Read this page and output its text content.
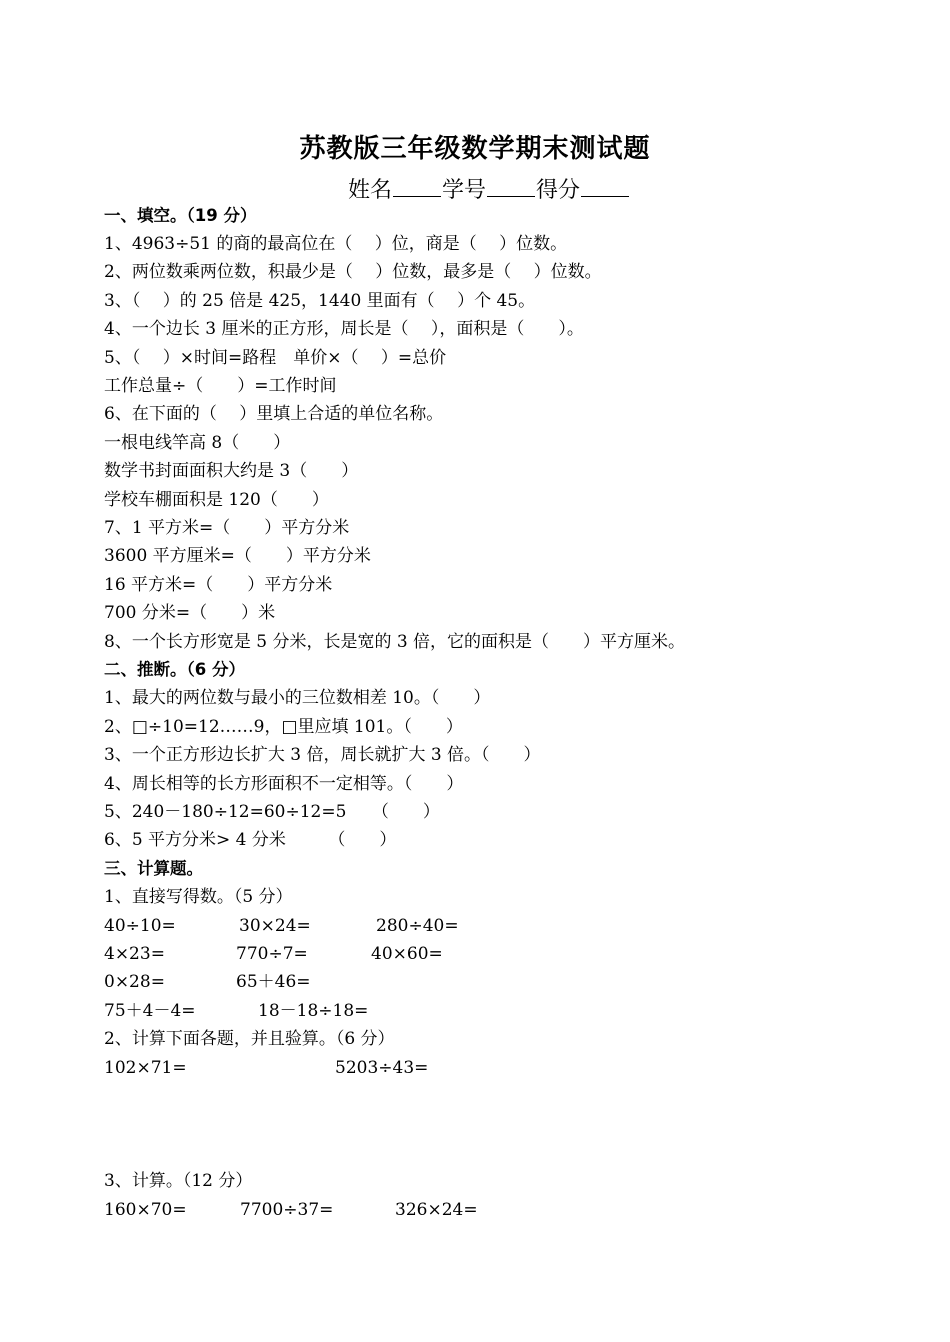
苏教版三年级数学期末测试题
姓名 学号 得分
一、填空。（19 分）
1、4963÷51 的商的最高位在（　 ）位，商是（　 ）位数。
2、两位数乘两位数，积最少是（　 ）位数，最多是（　 ）位数。
3、（　 ）的 25 倍是 425，1440 里面有（　 ）个 45。
4、一个边长 3 厘米的正方形，周长是（　 ），面积是（　　）。
5、（　 ）×时间=路程　单价×（　 ）=总价
工作总量÷（　　）=工作时间
6、在下面的（　 ）里填上合适的单位名称。
一根电线竿高 8（　　）
数学书封面面积大约是 3（　　）
学校车棚面积是 120（　　）
7、1 平方米=（　　）平方分米
3600 平方厘米=（　　）平方分米
16 平方米=（　　）平方分米
700 分米=（　　）米
8、一个长方形宽是 5 分米，长是宽的 3 倍，它的面积是（　　）平方厘米。
二、推断。（6 分）
1、最大的两位数与最小的三位数相差 10。（　　）
2、□÷10=12……9，□里应填 101。（　　）
3、一个正方形边长扩大 3 倍，周长就扩大 3 倍。（　　）
4、周长相等的长方形面积不一定相等。（　　）
5、240－180÷12=60÷12=5　　（　　）
6、5 平方分米> 4 分米　　　（　　）
三、计算题。
1、直接写得数。（5 分）
40÷10=	30×24=	280÷40=
4×23=	770÷7=	40×60=
0×28=	65＋46=
75＋4－4=	18－18÷18=
2、计算下面各题，并且验算。（6 分）
102×71=	5203÷43=
3、计算。（12 分）
160×70=	7700÷37=	326×24=
